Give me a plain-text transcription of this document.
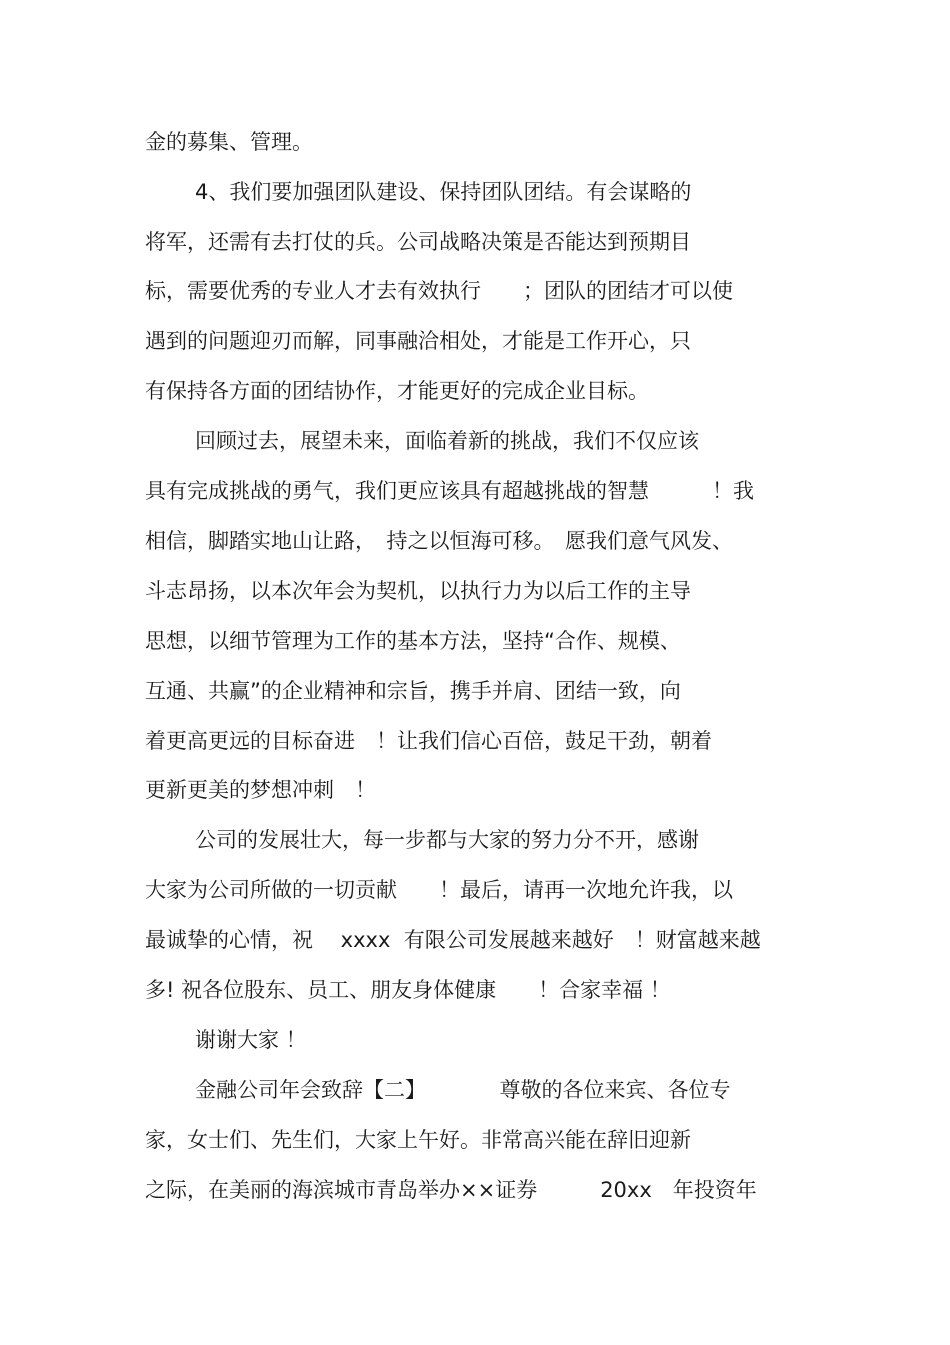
金的募集、管理。
4、我们要加强团队建设、保持团队团结。有会谋略的
将军，还需有去打仗的兵。公司战略决策是否能达到预期目
标，需要优秀的专业人才去有效执行　　；团队的团结才可以使
遇到的问题迎刃而解，同事融洽相处，才能是工作开心，只
有保持各方面的团结协作，才能更好的完成企业目标。
回顾过去，展望未来，面临着新的挑战，我们不仅应该
具有完成挑战的勇气，我们更应该具有超越挑战的智慧　　　！我
相信，脚踏实地山让路，　持之以恒海可移。　愿我们意气风发、
斗志昂扬，以本次年会为契机，以执行力为以后工作的主导
思想，以细节管理为工作的基本方法，坚持“合作、规模、
互通、共赢”的企业精神和宗旨，携手并肩、团结一致，向
着更高更远的目标奋进　！让我们信心百倍，鼓足干劲，朝着
更新更美的梦想冲刺　！
公司的发展壮大，每一步都与大家的努力分不开，感谢
大家为公司所做的一切贡献　　！最后，请再一次地允许我，以
最诚挚的心情，祝　 xxxx  有限公司发展越来越好　！财富越来越
多! 祝各位股东、员工、朋友身体健康　　！合家幸福 ！
谢谢大家 ！
金融公司年会致辞【二】　　　　尊敬的各位来宾、各位专
家，女士们、先生们，大家上午好。非常高兴能在辞旧迎新
之际，在美丽的海滨城市青岛举办××证券　　　20xx　年投资年
